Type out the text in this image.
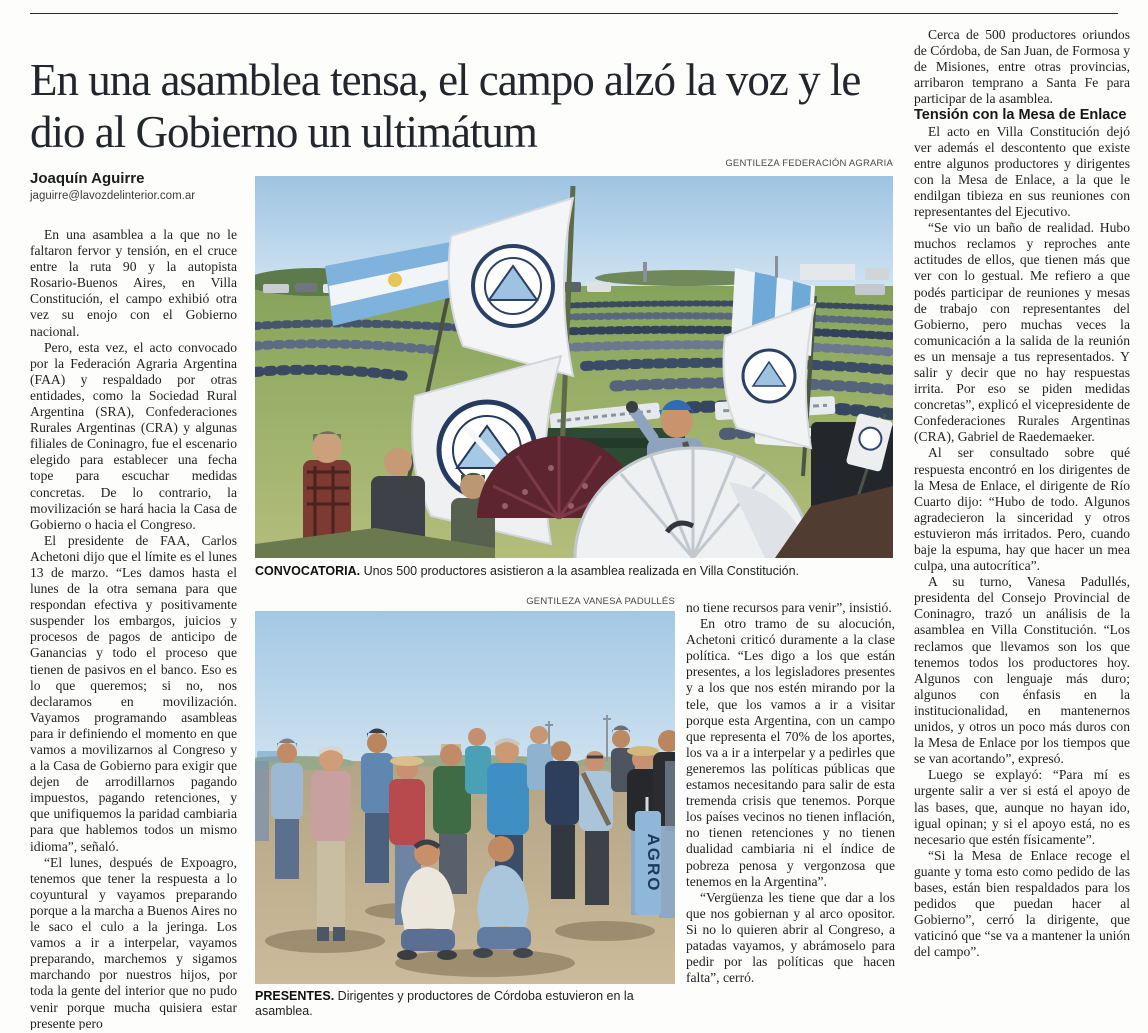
En una asamblea tensa, el campo alzó la voz y le dio al Gobierno un ultimátum
Joaquín Aguirre
jaguirre@lavozdelinterior.com.ar

En una asamblea a la que no le faltaron fervor y tensión, en el cruce entre la ruta 90 y la autopista Rosario-Buenos Aires, en Villa Constitución, el campo exhibió otra vez su enojo con el Gobierno nacional.

Pero, esta vez, el acto convocado por la Federación Agraria Argentina (FAA) y respaldado por otras entidades, como la Sociedad Rural Argentina (SRA), Confederaciones Rurales Argentinas (CRA) y algunas filiales de Coninagro, fue el escenario elegido para establecer una fecha tope para escuchar medidas concretas. De lo contrario, la movilización se hará hacia la Casa de Gobierno o hacia el Congreso.

El presidente de FAA, Carlos Achetoni dijo que el límite es el lunes 13 de marzo. “Les damos hasta el lunes de la otra semana para que respondan efectiva y positivamente suspender los embargos, juicios y procesos de pagos de anticipo de Ganancias y todo el proceso que tienen de pasivos en el banco. Eso es lo que queremos; si no, nos declaramos en movilización. Vayamos programando asambleas para ir definiendo el momento en que vamos a movilizarnos al Congreso y a la Casa de Gobierno para exigir que dejen de arrodillarnos pagando impuestos, pagando retenciones, y que unifiquemos la paridad cambiaria para que hablemos todos un mismo idioma”, señaló.

“El lunes, después de Expoagro, tenemos que tener la respuesta a lo coyuntural y vayamos preparando porque a la marcha a Buenos Aires no le saco el culo a la jeringa. Los vamos a ir a interpelar, vayamos preparando, marchemos y sigamos marchando por nuestros hijos, por toda la gente del interior que no pudo venir porque mucha quisiera estar presente pero

GENTILEZA FEDERACIÓN AGRARIA
CONVOCATORIA. Unos 500 productores asistieron a la asamblea realizada en Villa Constitución.
GENTILEZA VANESA PADULLÉS
AGRO
PRESENTES. Dirigentes y productores de Córdoba estuvieron en la asamblea.

no tiene recursos para venir”, insistió.

En otro tramo de su alocución, Achetoni criticó duramente a la clase política. “Les digo a los que están presentes, a los legisladores presentes y a los que nos estén mirando por la tele, que los vamos a ir a visitar porque esta Argentina, con un campo que representa el 70% de los aportes, los va a ir a interpelar y a pedirles que generemos las políticas públicas que estamos necesitando para salir de esta tremenda crisis que tenemos. Porque los países vecinos no tienen inflación, no tienen retenciones y no tienen dualidad cambiaria ni el índice de pobreza penosa y vergonzosa que tenemos en la Argentina”.

“Vergüenza les tiene que dar a los que nos gobiernan y al arco opositor. Si no lo quieren abrir al Congreso, a patadas vayamos, y abrámoselo para pedir por las políticas que hacen falta”, cerró.

Cerca de 500 productores oriundos de Córdoba, de San Juan, de Formosa y de Misiones, entre otras provincias, arribaron temprano a Santa Fe para participar de la asamblea.

Tensión con la Mesa de Enlace

El acto en Villa Constitución dejó ver además el descontento que existe entre algunos productores y dirigentes con la Mesa de Enlace, a la que le endilgan tibieza en sus reuniones con representantes del Ejecutivo.

“Se vio un baño de realidad. Hubo muchos reclamos y reproches ante actitudes de ellos, que tienen más que ver con lo gestual. Me refiero a que podés participar de reuniones y mesas de trabajo con representantes del Gobierno, pero muchas veces la comunicación a la salida de la reunión es un mensaje a tus representados. Y salir y decir que no hay respuestas irrita. Por eso se piden medidas concretas”, explicó el vicepresidente de Confederaciones Rurales Argentinas (CRA), Gabriel de Raedemaeker.

Al ser consultado sobre qué respuesta encontró en los dirigentes de la Mesa de Enlace, el dirigente de Río Cuarto dijo: “Hubo de todo. Algunos agradecieron la sinceridad y otros estuvieron más irritados. Pero, cuando baje la espuma, hay que hacer un mea culpa, una autocrítica”.

A su turno, Vanesa Padullés, presidenta del Consejo Provincial de Coninagro, trazó un análisis de la asamblea en Villa Constitución. “Los reclamos que llevamos son los que tenemos todos los productores hoy. Algunos con lenguaje más duro; algunos con énfasis en la institucionalidad, en mantenernos unidos, y otros un poco más duros con la Mesa de Enlace por los tiempos que se van acortando”, expresó.

Luego se explayó: “Para mí es urgente salir a ver si está el apoyo de las bases, que, aunque no hayan ido, igual opinan; y si el apoyo está, no es necesario que estén físicamente”.

“Si la Mesa de Enlace recoge el guante y toma esto como pedido de las bases, están bien respaldados para los pedidos que puedan hacer al Gobierno”, cerró la dirigente, que vaticinó que “se va a mantener la unión del campo”.
